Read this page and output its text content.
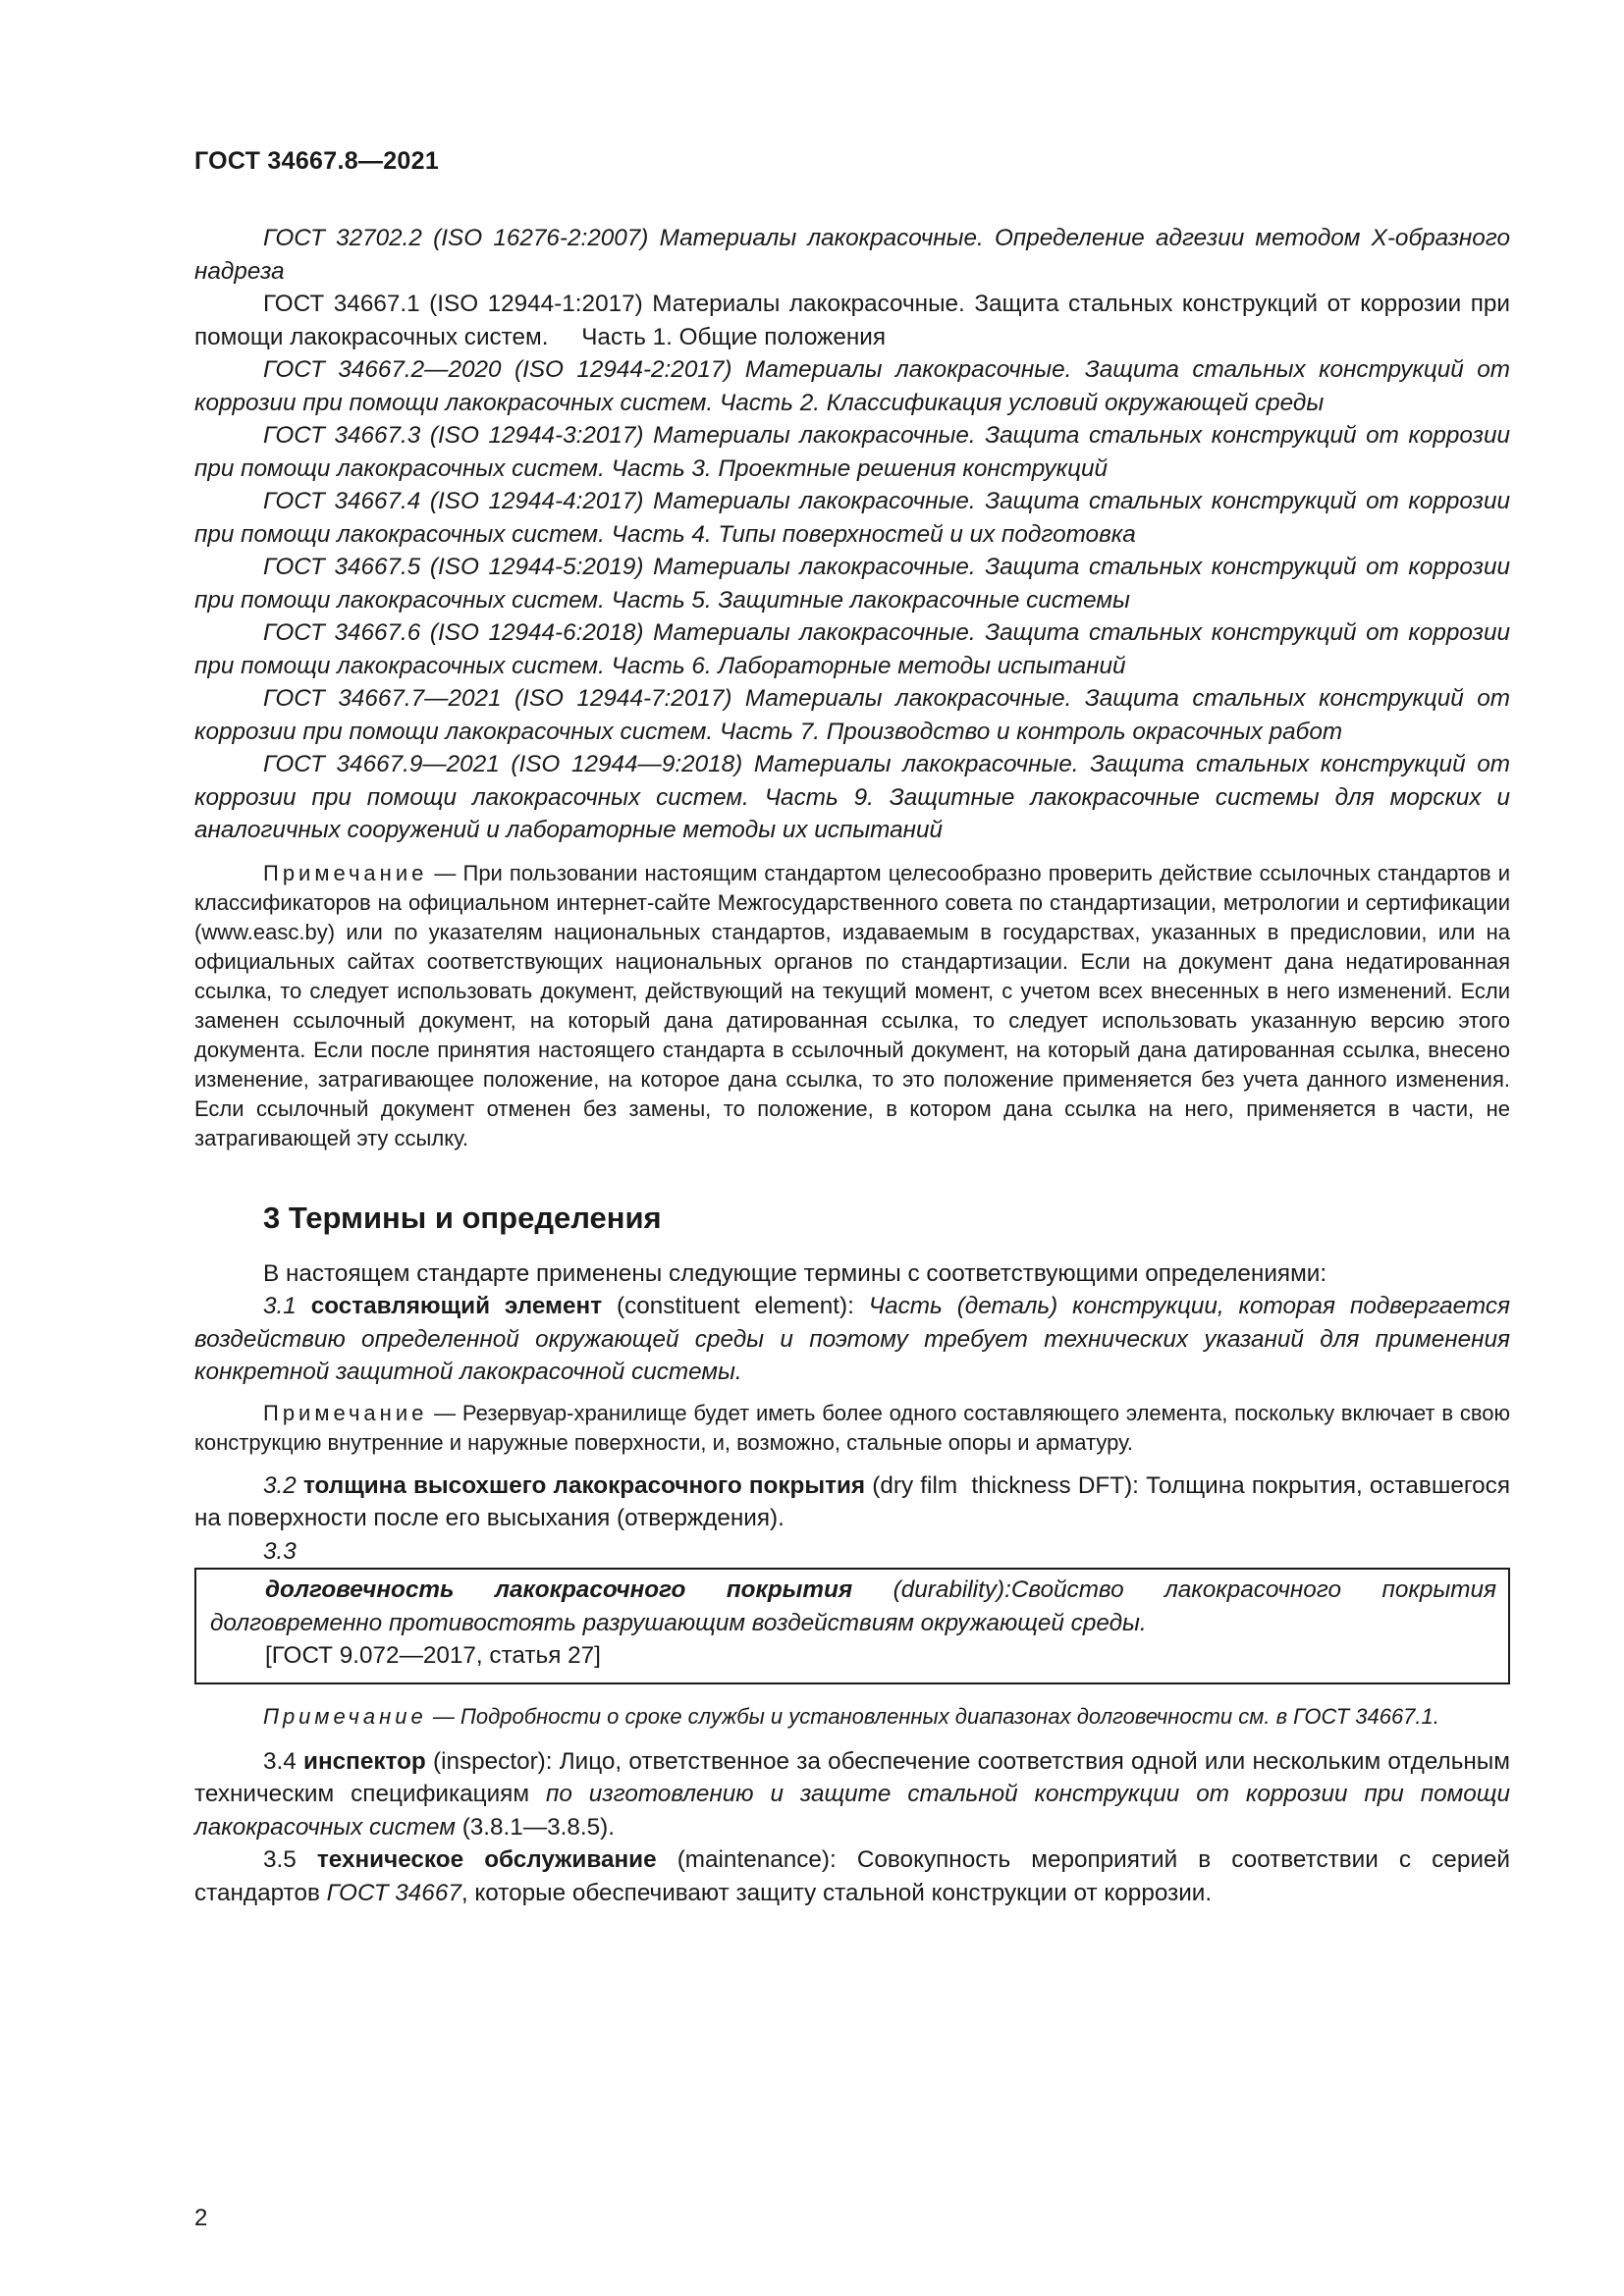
ГОСТ 34667.8—2021

ГОСТ 32702.2 (ISO 16276-2:2007) Материалы лакокрасочные. Определение адгезии методом Х-образного надреза

ГОСТ 34667.1 (ISO 12944-1:2017) Материалы лакокрасочные. Защита стальных конструкций от коррозии при помощи лакокрасочных систем.     Часть 1. Общие положения

ГОСТ 34667.2—2020 (ISO 12944-2:2017) Материалы лакокрасочные. Защита стальных конструкций от коррозии при помощи лакокрасочных систем. Часть 2. Классификация условий окружающей среды

ГОСТ 34667.3 (ISO 12944-3:2017) Материалы лакокрасочные. Защита стальных конструкций от коррозии при помощи лакокрасочных систем. Часть 3. Проектные решения конструкций

ГОСТ 34667.4 (ISO 12944-4:2017) Материалы лакокрасочные. Защита стальных конструкций от коррозии при помощи лакокрасочных систем. Часть 4. Типы поверхностей и их подготовка

ГОСТ 34667.5 (ISO 12944-5:2019) Материалы лакокрасочные. Защита стальных конструкций от коррозии при помощи лакокрасочных систем. Часть 5. Защитные лакокрасочные системы

ГОСТ 34667.6 (ISO 12944-6:2018) Материалы лакокрасочные. Защита стальных конструкций от коррозии при помощи лакокрасочных систем. Часть 6. Лабораторные методы испытаний

ГОСТ 34667.7—2021 (ISO 12944-7:2017) Материалы лакокрасочные. Защита стальных конструкций от коррозии при помощи лакокрасочных систем. Часть 7. Производство и контроль окрасочных работ

ГОСТ 34667.9—2021 (ISO 12944—9:2018) Материалы лакокрасочные. Защита стальных конструкций от коррозии при помощи лакокрасочных систем. Часть 9. Защитные лакокрасочные системы для морских и аналогичных сооружений и лабораторные методы их испытаний

Примечание — При пользовании настоящим стандартом целесообразно проверить действие ссылочных стандартов и классификаторов на официальном интернет-сайте Межгосударственного совета по стандартизации, метрологии и сертификации (www.easc.by) или по указателям национальных стандартов, издаваемым в государствах, указанных в предисловии, или на официальных сайтах соответствующих национальных органов по стандартизации. Если на документ дана недатированная ссылка, то следует использовать документ, действующий на текущий момент, с учетом всех внесенных в него изменений. Если заменен ссылочный документ, на который дана датированная ссылка, то следует использовать указанную версию этого документа. Если после принятия настоящего стандарта в ссылочный документ, на который дана датированная ссылка, внесено изменение, затрагивающее положение, на которое дана ссылка, то это положение применяется без учета данного изменения. Если ссылочный документ отменен без замены, то положение, в котором дана ссылка на него, применяется в части, не затрагивающей эту ссылку.

3 Термины и определения

В настоящем стандарте применены следующие термины с соответствующими определениями:

3.1 составляющий элемент (constituent element): Часть (деталь) конструкции, которая подвергается воздействию определенной окружающей среды и поэтому требует технических указаний для применения конкретной защитной лакокрасочной системы.

Примечание — Резервуар-хранилище будет иметь более одного составляющего элемента, поскольку включает в свою конструкцию внутренние и наружные поверхности, и, возможно, стальные опоры и арматуру.

3.2 толщина высохшего лакокрасочного покрытия (dry film  thickness DFT): Толщина покрытия, оставшегося на поверхности после его высыхания (отверждения).

3.3

долговечность лакокрасочного покрытия (durability):Свойство лакокрасочного покрытия долговременно противостоять разрушающим воздействиям окружающей среды.

[ГОСТ 9.072—2017, статья 27]

Примечание — Подробности о сроке службы и установленных диапазонах долговечности см. в ГОСТ 34667.1.

3.4 инспектор (inspector): Лицо, ответственное за обеспечение соответствия одной или нескольким отдельным техническим спецификациям по изготовлению и защите стальной конструкции от коррозии при помощи лакокрасочных систем (3.8.1—3.8.5).

3.5 техническое обслуживание (maintenance): Совокупность мероприятий в соответствии с серией стандартов ГОСТ 34667, которые обеспечивают защиту стальной конструкции от коррозии.

2
